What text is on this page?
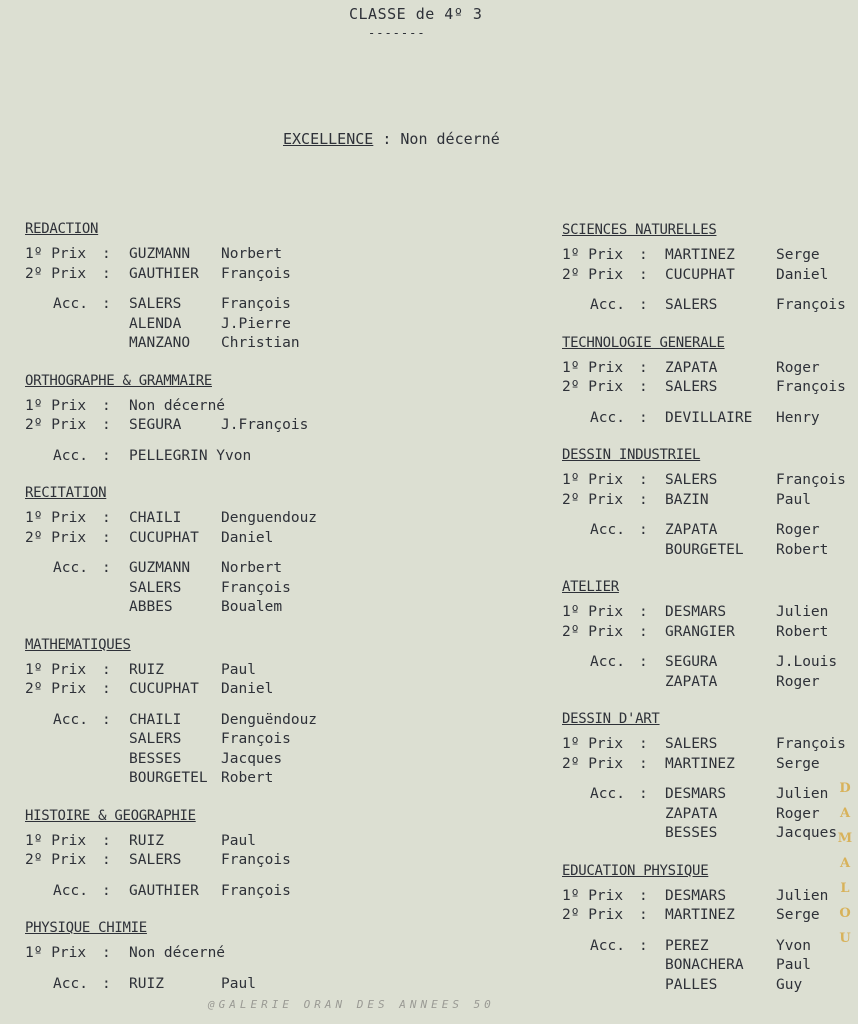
CLASSE de 4º 3
-------
EXCELLENCE : Non décerné
REDACTION
1º Prix : GUZMANN Norbert
2º Prix : GAUTHIER François
Acc. : SALERS	François
ALENDA	J.Pierre
MANZANO Christian
ORTHOGRAPHE & GRAMMAIRE
1º Prix : Non décerné
2º Prix : SEGURA	J.François
Acc. : PELLEGRIN Yvon
RECITATION
1º Prix : CHAILI	Denguendouz
2º Prix : CUCUPHAT Daniel
Acc. : GUZMANN Norbert
SALERS	François
ABBES	Boualem
MATHEMATIQUES
1º Prix : RUIZ	Paul
2º Prix : CUCUPHAT Daniel
Acc. : CHAILI	Denguëndouz
SALERS	François
BESSES	Jacques
BOURGETEL Robert
HISTOIRE & GEOGRAPHIE
1º Prix : RUIZ	Paul
2º Prix : SALERS	François
Acc. : GAUTHIER François
PHYSIQUE CHIMIE
1º Prix : Non décerné
Acc. : RUIZ	Paul
SCIENCES NATURELLES
1º Prix : MARTINEZ	Serge
2º Prix : CUCUPHAT	Daniel
Acc. : SALERS	François
TECHNOLOGIE GENERALE
1º Prix : ZAPATA	Roger
2º Prix : SALERS	François
Acc. : DEVILLAIRE Henry
DESSIN INDUSTRIEL
1º Prix : SALERS	François
2º Prix : BAZIN	Paul
Acc. : ZAPATA	Roger
BOURGETEL Robert
ATELIER
1º Prix : DESMARS	Julien
2º Prix : GRANGIER	Robert
Acc. : SEGURA	J.Louis
ZAPATA	Roger
DESSIN D'ART
1º Prix : SALERS	François
2º Prix : MARTINEZ	Serge
Acc. : DESMARS	Julien
ZAPATA	Roger
BESSES	Jacques
EDUCATION PHYSIQUE
1º Prix : DESMARS	Julien
2º Prix : MARTINEZ	Serge
Acc. : PEREZ	Yvon
BONACHERA Paul
PALLES	Guy
@GALERIE ORAN DES ANNEES 50
D
A
M
A
L
O
U
